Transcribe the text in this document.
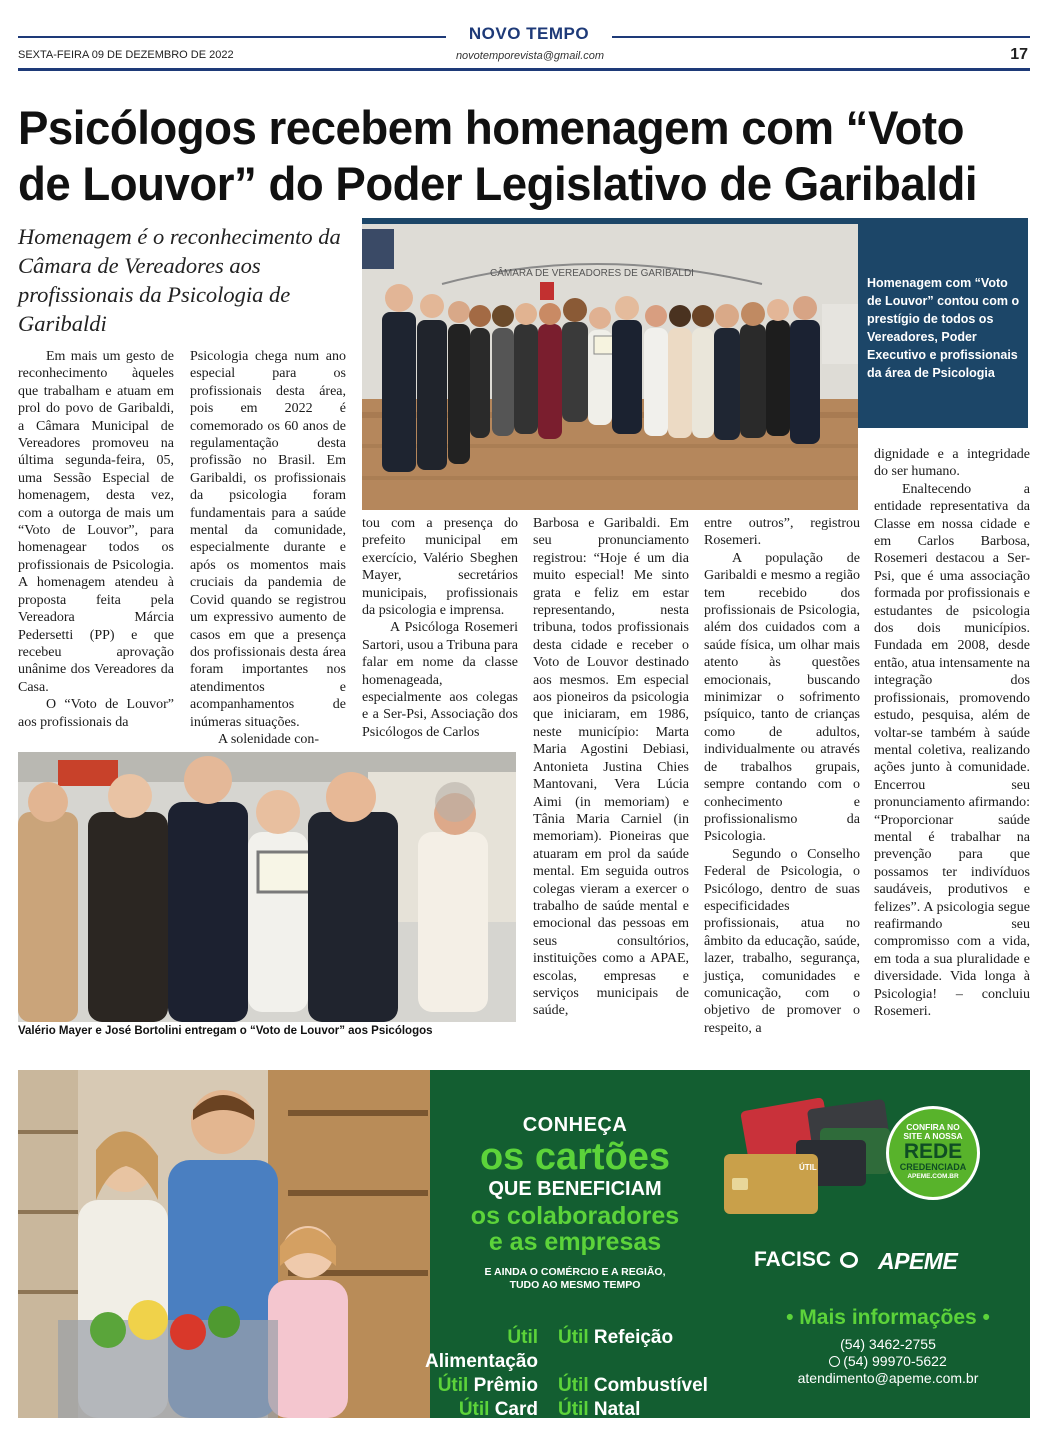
NOVO TEMPO
SEXTA-FEIRA 09 DE DEZEMBRO DE 2022	novotemporevista@gmail.com	17
Psicólogos recebem homenagem com “Voto de Louvor” do Poder Legislativo de Garibaldi
Homenagem é o reconhecimento da Câmara de Vereadores aos profissionais da Psicologia de Garibaldi

Em mais um gesto de reconhecimento àqueles que trabalham e atuam em prol do povo de Garibaldi, a Câmara Municipal de Vereadores promoveu na última segunda-feira, 05, uma Sessão Especial de homenagem, desta vez, com a outorga de mais um “Voto de Louvor”, para homenagear todos os profissionais de Psicologia. A homenagem atendeu à proposta feita pela Vereadora Márcia Pedersetti (PP) e que recebeu aprovação unânime dos Vereadores da Casa.

O “Voto de Louvor” aos profissionais da

Psicologia chega num ano especial para os profissionais desta área, pois em 2022 é comemorado os 60 anos de regulamentação desta profissão no Brasil. Em Garibaldi, os profissionais da psicologia foram fundamentais para a saúde mental da comunidade, especialmente durante e após os momentos mais cruciais da pandemia de Covid quando se registrou um expressivo aumento de casos em que a presença dos profissionais desta área foram importantes nos atendimentos e acompanhamentos de inúmeras situações.

A solenidade con-

tou com a presença do prefeito municipal em exercício, Valério Sbeghen Mayer, secretários municipais, profissionais da psicologia e imprensa.

A Psicóloga Rosemeri Sartori, usou a Tribuna para falar em nome da classe homenageada, especialmente aos colegas e a Ser-Psi, Associação dos Psicólogos de Carlos

Barbosa e Garibaldi. Em seu pronunciamento registrou: “Hoje é um dia muito especial! Me sinto grata e feliz em estar representando, nesta tribuna, todos profissionais desta cidade e receber o Voto de Louvor destinado aos mesmos. Em especial aos pioneiros da psicologia que iniciaram, em 1986, neste município: Marta Maria Agostini Debiasi, Antonieta Justina Chies Mantovani, Vera Lúcia Aimi (in memoriam) e Tânia Maria Carniel (in memoriam). Pioneiras que atuaram em prol da saúde mental. Em seguida outros colegas vieram a exercer o trabalho de saúde mental e emocional das pessoas em seus consultórios, instituições como a APAE, escolas, empresas e serviços municipais de saúde,

entre outros”, registrou Rosemeri.

A população de Garibaldi e mesmo a região tem recebido dos profissionais de Psicologia, além dos cuidados com a saúde física, um olhar mais atento às questões emocionais, buscando minimizar o sofrimento psíquico, tanto de crianças como de adultos, individualmente ou através de trabalhos grupais, sempre contando com o conhecimento e profissionalismo da Psicologia.

Segundo o Conselho Federal de Psicologia, o Psicólogo, dentro de suas especificidades profissionais, atua no âmbito da educação, saúde, lazer, trabalho, segurança, justiça, comunidades e comunicação, com o objetivo de promover o respeito, a

dignidade e a integridade do ser humano.

Enaltecendo a entidade representativa da Classe em nossa cidade e em Carlos Barbosa, Rosemeri destacou a Ser-Psi, que é uma associação formada por profissionais e estudantes de psicologia dos dois municípios. Fundada em 2008, desde então, atua intensamente na integração dos profissionais, promovendo estudo, pesquisa, além de voltar-se também à saúde mental coletiva, realizando ações junto à comunidade. Encerrou seu pronunciamento afirmando: “Proporcionar saúde mental é trabalhar na prevenção para que possamos ter indivíduos saudáveis, produtivos e felizes”. A psicologia segue reafirmando seu compromisso com a vida, em toda a sua pluralidade e diversidade. Vida longa à Psicologia! – concluiu Rosemeri.

CÂMARA DE VEREADORES DE GARIBALDI
Homenagem com “Voto de Louvor” contou com o prestígio de todos os Vereadores, Poder Executivo e profissionais da área de Psicologia
Valério Mayer e José Bortolini entregam o “Voto de Louvor” aos Psicólogos
CONHEÇA
os cartões
QUE BENEFICIAM
os colaboradores
e as empresas
E AINDA O COMÉRCIO E A REGIÃO,
TUDO AO MESMO TEMPO
Útil Alimentação
Útil Refeição
Útil Prêmio	Útil Combustível
Útil Card	Útil Natal
ÚTIL
CONFIRA NO
SITE A NOSSA
REDE
CREDENCIADA
APEME.COM.BR
FACISC APEME
• Mais informações •
(54) 3462-2755
(54) 99970-5622
atendimento@apeme.com.br
